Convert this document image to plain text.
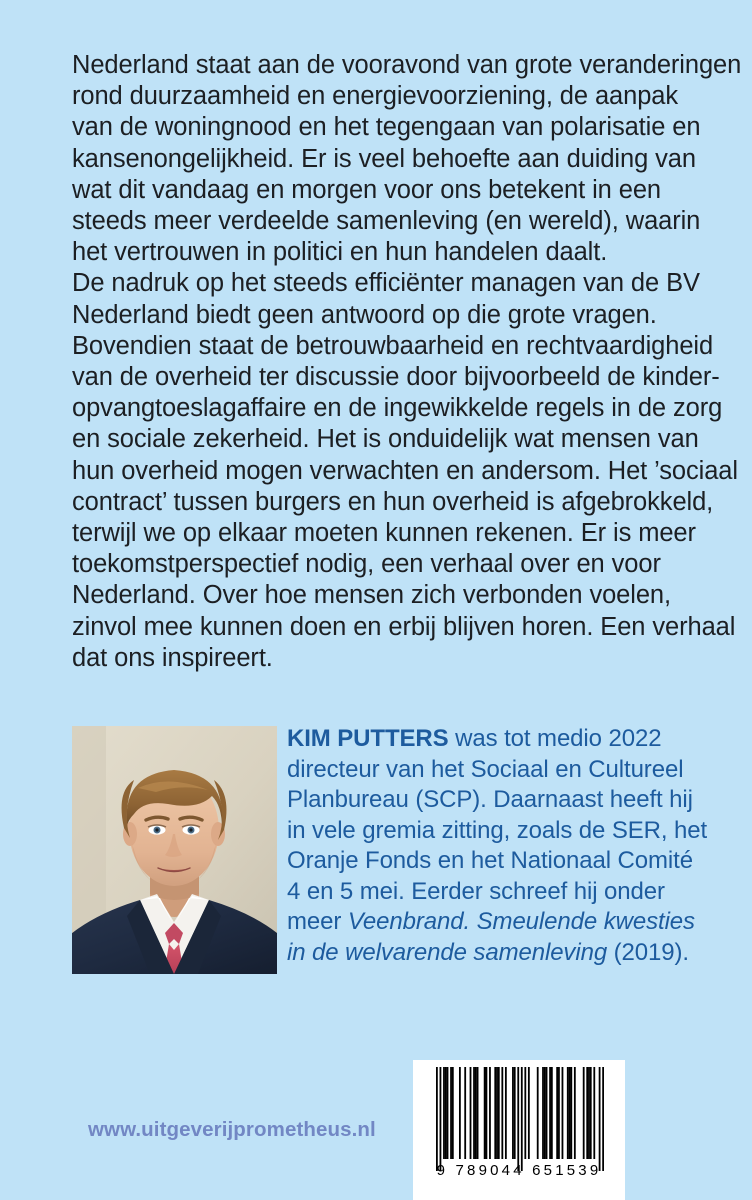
Nederland staat aan de vooravond van grote veranderingen
rond duurzaamheid en energievoorziening, de aanpak
van de woningnood en het tegengaan van polarisatie en
kansenongelijkheid. Er is veel behoefte aan duiding van
wat dit vandaag en morgen voor ons betekent in een
steeds meer verdeelde samenleving (en wereld), waarin
het vertrouwen in politici en hun handelen daalt.
De nadruk op het steeds efficiënter managen van de BV
Nederland biedt geen antwoord op die grote vragen.
Bovendien staat de betrouwbaarheid en rechtvaardigheid
van de overheid ter discussie door bijvoorbeeld de kinder-
opvangtoeslagaffaire en de ingewikkelde regels in de zorg
en sociale zekerheid. Het is onduidelijk wat mensen van
hun overheid mogen verwachten en andersom. Het ’sociaal
contract’ tussen burgers en hun overheid is afgebrokkeld,
terwijl we op elkaar moeten kunnen rekenen. Er is meer
toekomstperspectief nodig, een verhaal over en voor
Nederland. Over hoe mensen zich verbonden voelen,
zinvol mee kunnen doen en erbij blijven horen. Een verhaal
dat ons inspireert.
KIM PUTTERS was tot medio 2022
directeur van het Sociaal en Cultureel
Planbureau (SCP). Daarnaast heeft hij
in vele gremia zitting, zoals de SER, het
Oranje Fonds en het Nationaal Comité
4 en 5 mei. Eerder schreef hij onder
meer Veenbrand. Smeulende kwesties
in de welvarende samenleving (2019).
www.uitgeverijprometheus.nl
9 789044 651539
